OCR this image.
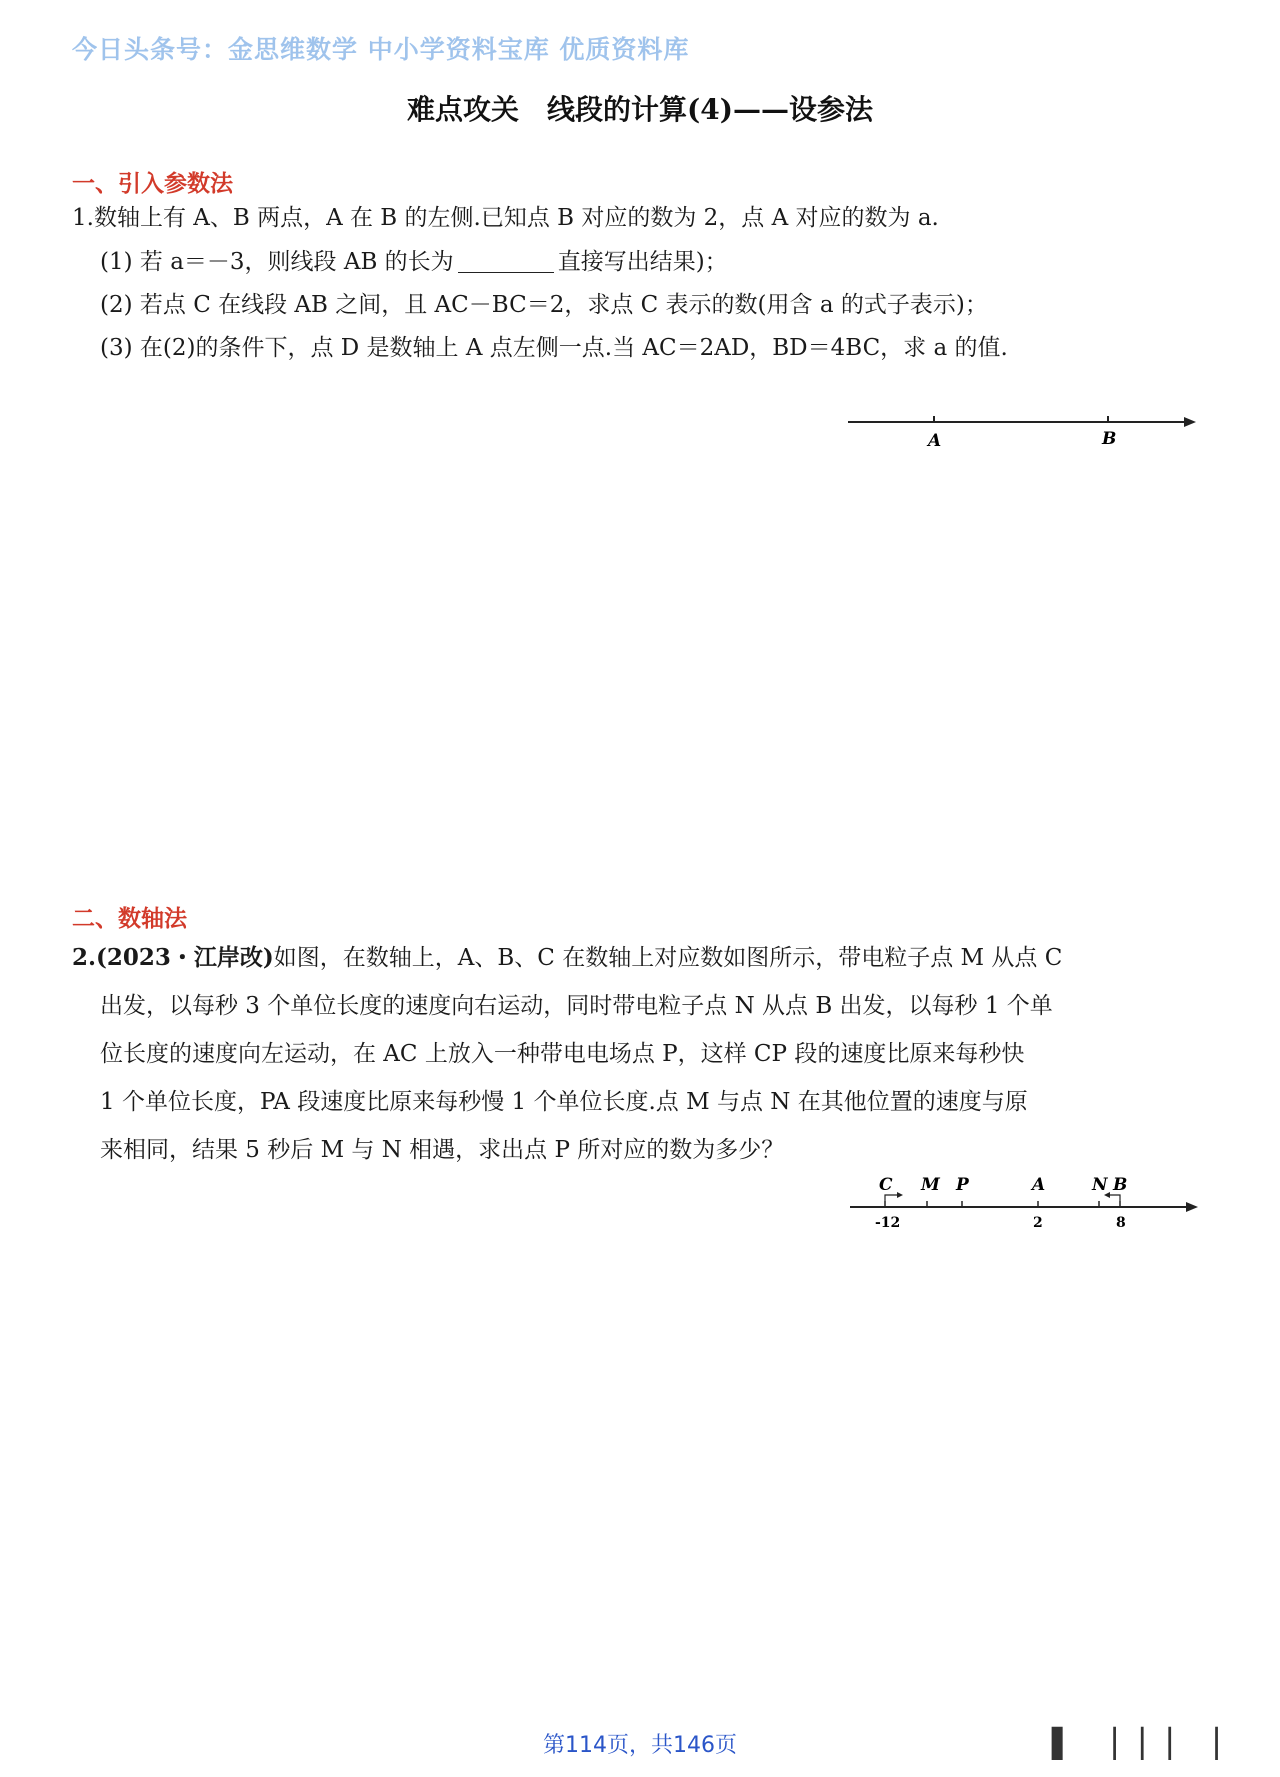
今日头条号：金思维数学 中小学资料宝库 优质资料库
难点攻关　线段的计算(4)——设参法
一、引入参数法
1.数轴上有 A、B 两点，A 在 B 的左侧.已知点 B 对应的数为 2，点 A 对应的数为 a.
(1) 若 a＝－3，则线段 AB 的长为	直接写出结果)；
(2) 若点 C 在线段 AB 之间，且 AC－BC＝2，求点 C 表示的数(用含 a 的式子表示)；
(3) 在(2)的条件下，点 D 是数轴上 A 点左侧一点.当 AC＝2AD，BD＝4BC，求 a 的值.
A	B
二、数轴法
2.(2023・江岸改)如图，在数轴上，A、B、C 在数轴上对应数如图所示，带电粒子点 M 从点 C
出发，以每秒 3 个单位长度的速度向右运动，同时带电粒子点 N 从点 B 出发，以每秒 1 个单
位长度的速度向左运动，在 AC 上放入一种带电电场点 P，这样 CP 段的速度比原来每秒快
1 个单位长度，PA 段速度比原来每秒慢 1 个单位长度.点 M 与点 N 在其他位置的速度与原
来相同，结果 5 秒后 M 与 N 相遇，求出点 P 所对应的数为多少？
C M P	A	N B
-12	2	8
第114页，共146页	▌　▏▏▏▕
